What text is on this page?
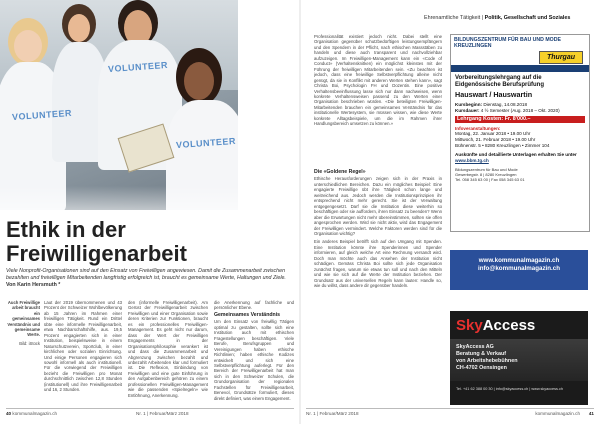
VOLUNTEER
VOLUNTEER
VOLUNTEER
Ethik in der
Freiwilligenarbeit
Viele Nonprofit-Organisationen sind auf den Einsatz von Freiwilligen angewiesen. Damit die Zusammenarbeit zwischen bezahlten und freiwilligen Mitarbeitenden langfristig erfolgreich ist, braucht es gemeinsame Werte, Haltungen und Ziele. Von Karin Hersmuth *
Auch Freiwillige arbeit braucht ein gemeinsames Verständnis und gemeinsame Werte.
Bild: iStock
Laut der 2019 übernommenen und 43 Prozent der Schweizer Wohlbevölkerung ab 15 Jahren im Rahmen einer freiwilligen Tätigkeit. Rund ein Drittel übte eine informelle Freiwilligenarbeit, etwa Nachbarschaftshilfe, aus. 19,5 Prozent engagierten sich in einer Institution, beispielsweise in einem Naturschutzverein, Sportclub, in einer kirchlichen oder sozialen Einrichtung. Und einige Personen engagieren sich sowohl informell als auch institutionell. Für die vorwiegend der Freiwilligen bezieht die Freiwilligen pro Monat durchschnittlich zwischen 12,8 Stunden (institutionell) und ihre Freiwilligenarbeit und 16, 2 Stunden.
den (informelle Freiwilligenarbeit). Am Gerüst der Freiwilligenarbeit zwischen Freiwilligen und einer Organisation sowie deren Kriterien zur Funktionen, braucht es ein professionelles Freiwilligen-Management. Es geht nicht nur darum, dass der Wert der Freiwilligen Engagements in der Organisationsphilosophie verankert ist und dass die Zusammenarbeit und Abgrenzung zwischen bezahlt und unbezahlt Arbeitenden klar und formuliert ist. Die Reflexion, Einbindung von Freiwilligen und eine gute Einführung in den Aufgabenbereich gehören zu einem professionellen Freiwilligen-Management wie die passenden «Spielregeln» wie Entlöhnung, Anerkennung.
die Anerkennung auf fachliche und persönlicher Ebene.
Gemeinsames Verständnis
Um den Einsatz von freiwillig Tätigen optimal zu gestalten, sollte sich eine Institution auch mit ethischen Fragestellungen beschäftigen. Viele Berufe, Berufsgruppen und Vereinigungen haben ethische Richtlinien; haben ethische Kodizes entwickelt und sich eine Selbstverpflichtung auferlegt. Für den Bereich der Freiwilligenarbeit hat man sich in den Schweizer Schulen, die Grundorganisation der regionalen Fachstellen für Freiwilligenarbeit, Benevol, Grundsätze formuliert, dieses direkt definiert, was einem Engagement.
40 kommunalmagazin.ch	Nr. 1 | Februar/März 2018
Ehrenamtliche Tätigkeit | Politik, Gesellschaft und Soziales
Professionalität existiert jedoch nicht. Dabei stellt eine Organisation gegenüber schutzbedürftigen leistungsempfängern und den Spendern in der Pflicht, nach ethischen Massstäben zu handeln und diese auch transparent und nachvollziehbar aufzuzeigen. Im Freiwilligen-Management kann ein «Code of Conduct» (Verhaltensknitken) ein möglichst kleinstes mit der Führung der freiwilligen Mitarbeitenden sein. «Zu beachten ist jedoch, dass eine freiwillige Selbstverpflichtung alleine nicht genügt, da sie in Konflikt mit anderen Werten stehen kann», sagt Christa Boi, Psychologin FH und Dozentin. Eine positive Verhaltensbeeinflussung lasse sich nur dann nachweisen, wenn konkrete Verhaltensweisen passend zu den Werten einer Organisation beschrieben würden. «Die beteiligten Freiwilligen-Mitarbeitenden brauchen ein gemeinsames Verständnis für das institutionelle Wertesystem, sie müssen wissen, wie diese Werte konkrete Alltagsbeispiele, um die im Rahmen ihrer Handlungsbereich umsetzen zu können.»
Die «Goldene Regel»
Ethische Herausforderungen zeigen sich in der Praxis in unterschiedlichen Bereichen. Dazu ein mögliches Beispiel: Eine engagierte Freiwillige übt ihre Tätigkeit schon lange und weitreichend aus. Jedoch werden die Institutionsprinzipien ihr entsprechend nicht mehr gerecht. Sie ist der Verwaltung entgegengesetzt. Darf sie die Institution diese weiterhin so beschäftigen oder sie auffordern, ihren Einsatz zu beenden? Wenn aber die Erwartungen nicht mehr übereinstimmen, sollten sie offen angesprochen werden. Wird sie nicht aktiv, wird das Engagement der Freiwilligen vermindert. Welche Faktoren werden sind für die Organisation wichtig?
Ein anderes Beispiel betrifft sich auf den Umgang mit Spenden. Eine Institution könnte ihre Spenderinnen und Spender informieren, auf gleich welche Art eine Rechnung versandt wird. Doch man möchte auch das Ansehen der Institution nicht schädigen. Gemäss Christa Boi sollte sich jede Organisation zunächst fragen, warum sie etwas tun soll und nach den Mitteln und wie sie sich auf die Werte der Institution beziehen. Der Grundsatz aus der universellen Regeln kann lauten: Handle so, wie du willst, dass andere dir gegenüber handeln.
BILDUNGSZENTRUM FÜR BAU UND MODE
KREUZLINGEN
Thurgau
Vorbereitungslehrgang auf die
Eidgenössische Berufsprüfung
Hauswart / Hauswartin
Kursbeginn: Dienstag, 14.08.2018
Kursdauer: 4 ½ Semester (Aug. 2018 – Okt. 2020)
Lehrgang Kosten: Fr. 8'000.–
Infoveranstaltungen:
Montag, 22. Januar 2018 • 19.00 Uhr
Mittwoch, 21. Februar 2018 • 19.00 Uhr
Bühnenstr. 5 • 8280 Kreuzlingen • Zimmer 104
Auskünfte und detaillierte Unterlagen erhalten Sie unter
www.bbm.tg.ch
Bildungszentrum für Bau und Mode
Gewerbegstr. 8 | 8280 Kreuzlingen
Tel. 058 345 63 00 | Fax 058 345 63 01
www.kommunalmagazin.ch
info@kommunalmagazin.ch
SkyAccess
SkyAccess AG
Beratung & Verkauf
von Arbeitshebebühnen
CH-4702 Oensingen
Tel. +41 62 388 00 30 | info@skyaccess.ch | www.skyaccess.ch
Nr. 1 | Februar/März 2018	kommunalmagazin.ch 41
